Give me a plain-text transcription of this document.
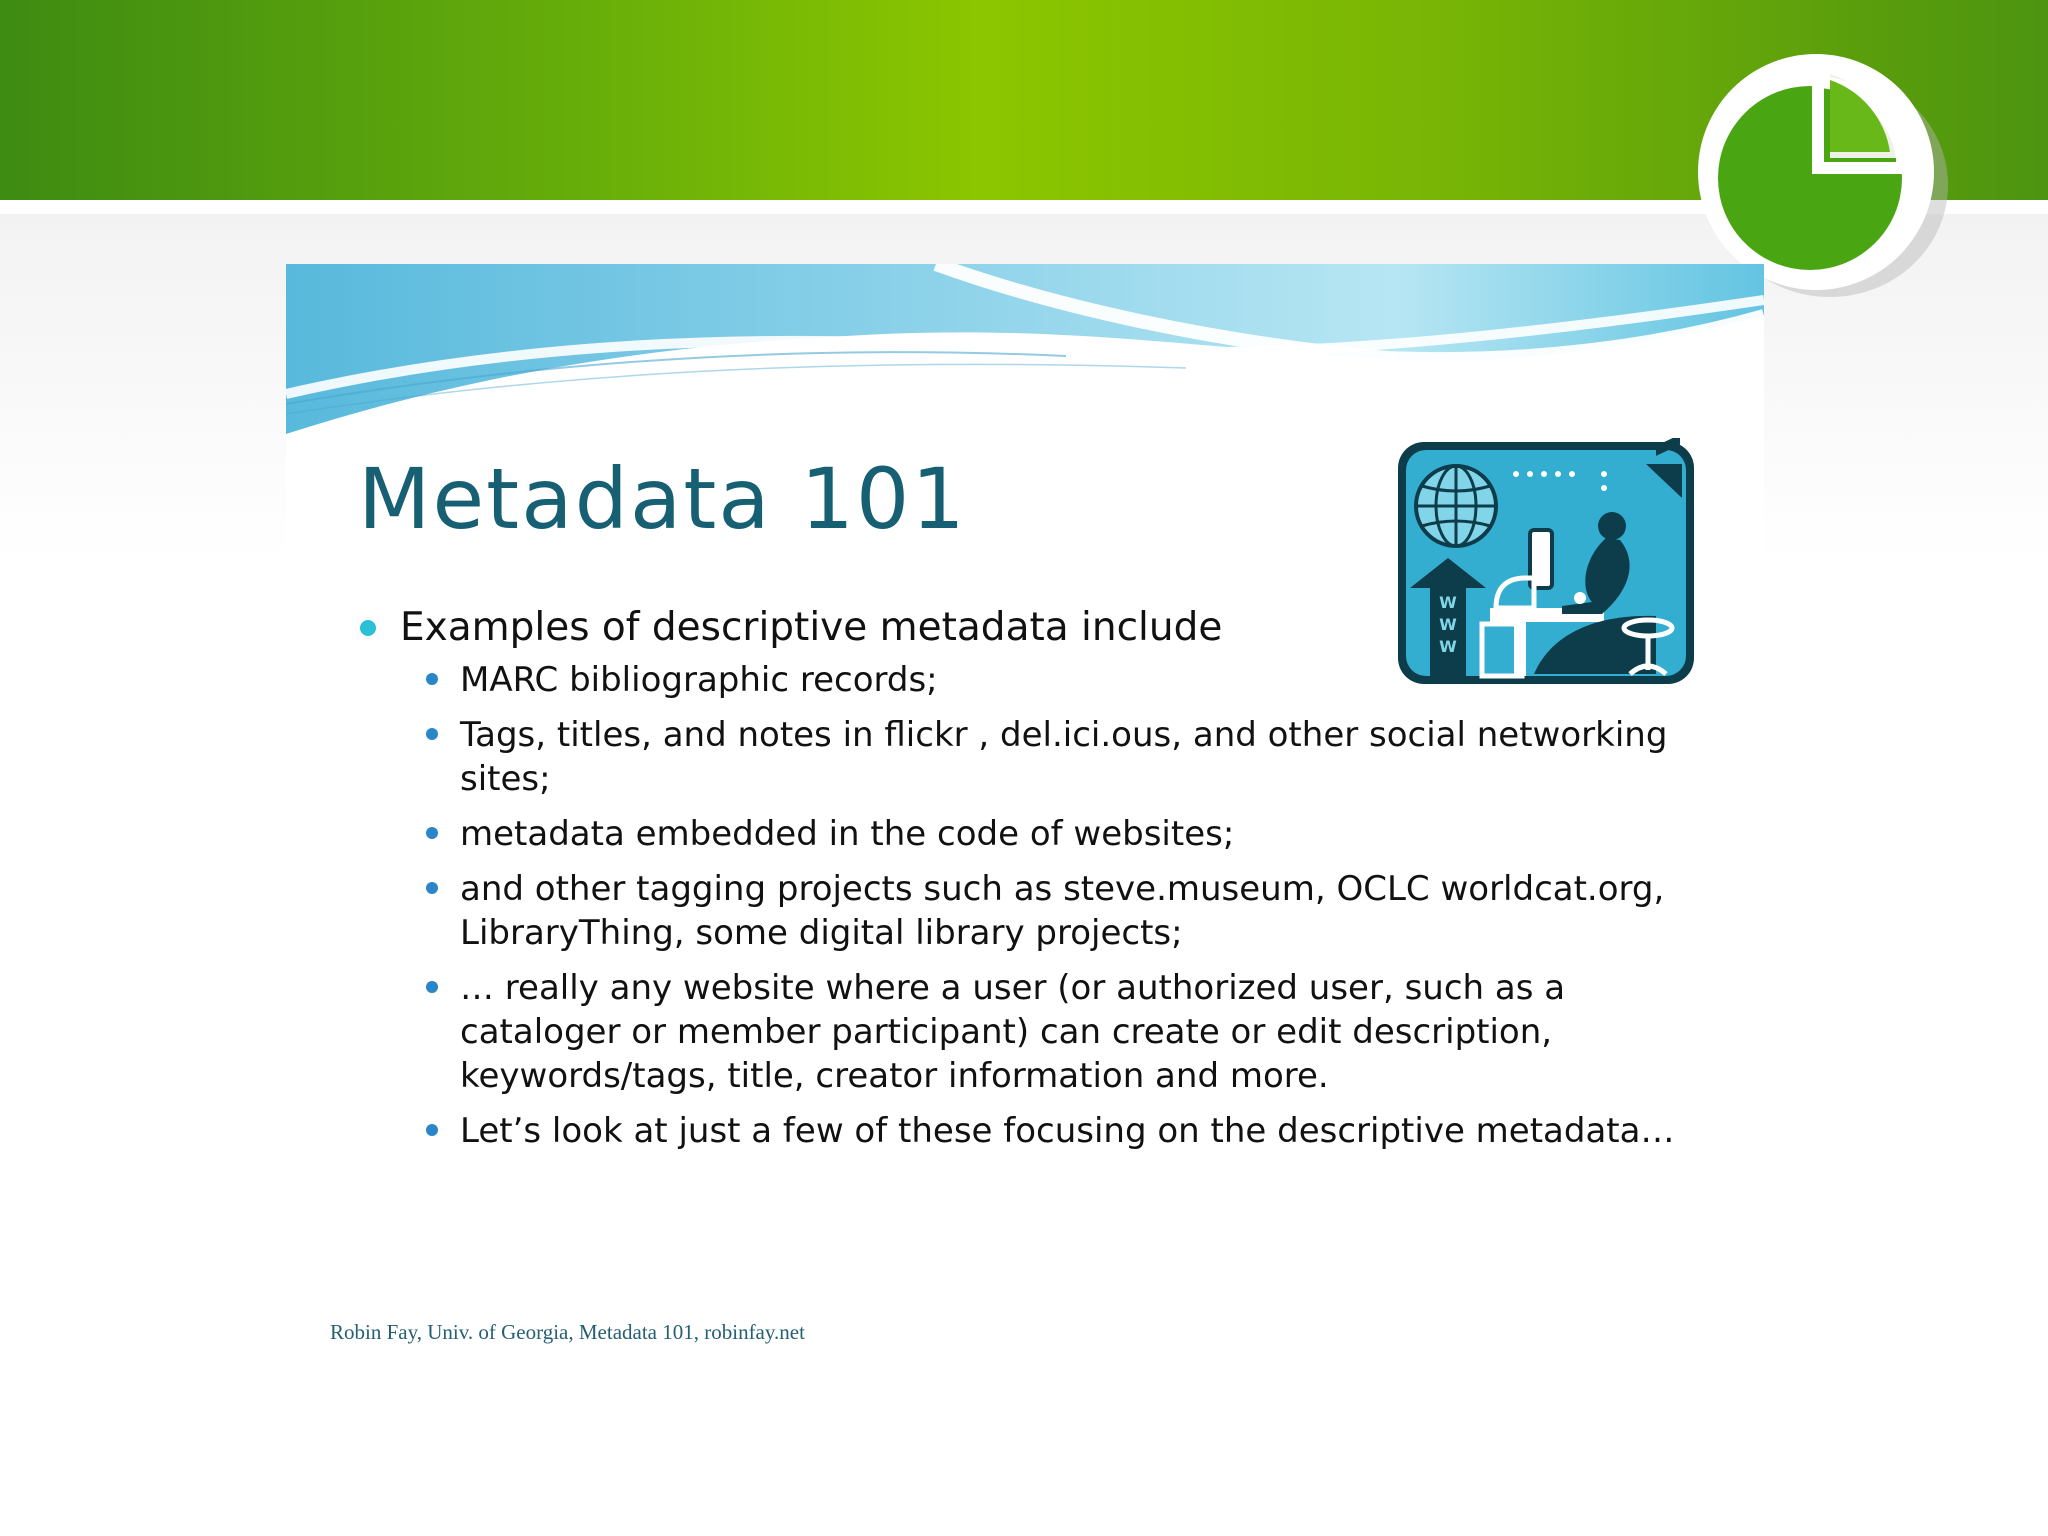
Metadata 101
W
W
W
Examples of descriptive metadata include
MARC bibliographic records;
Tags, titles, and notes in flickr , del.ici.ous, and other social networking sites;
metadata embedded in the code of websites;
and other tagging projects such as steve.museum, OCLC worldcat.org, LibraryThing, some digital library projects;
… really any website where a user (or authorized user, such as a cataloger or member participant) can create or edit description, keywords/tags, title, creator information and more.
Let’s look at just a few of these focusing on the descriptive metadata…

Robin Fay, Univ. of Georgia, Metadata 101, robinfay.net
